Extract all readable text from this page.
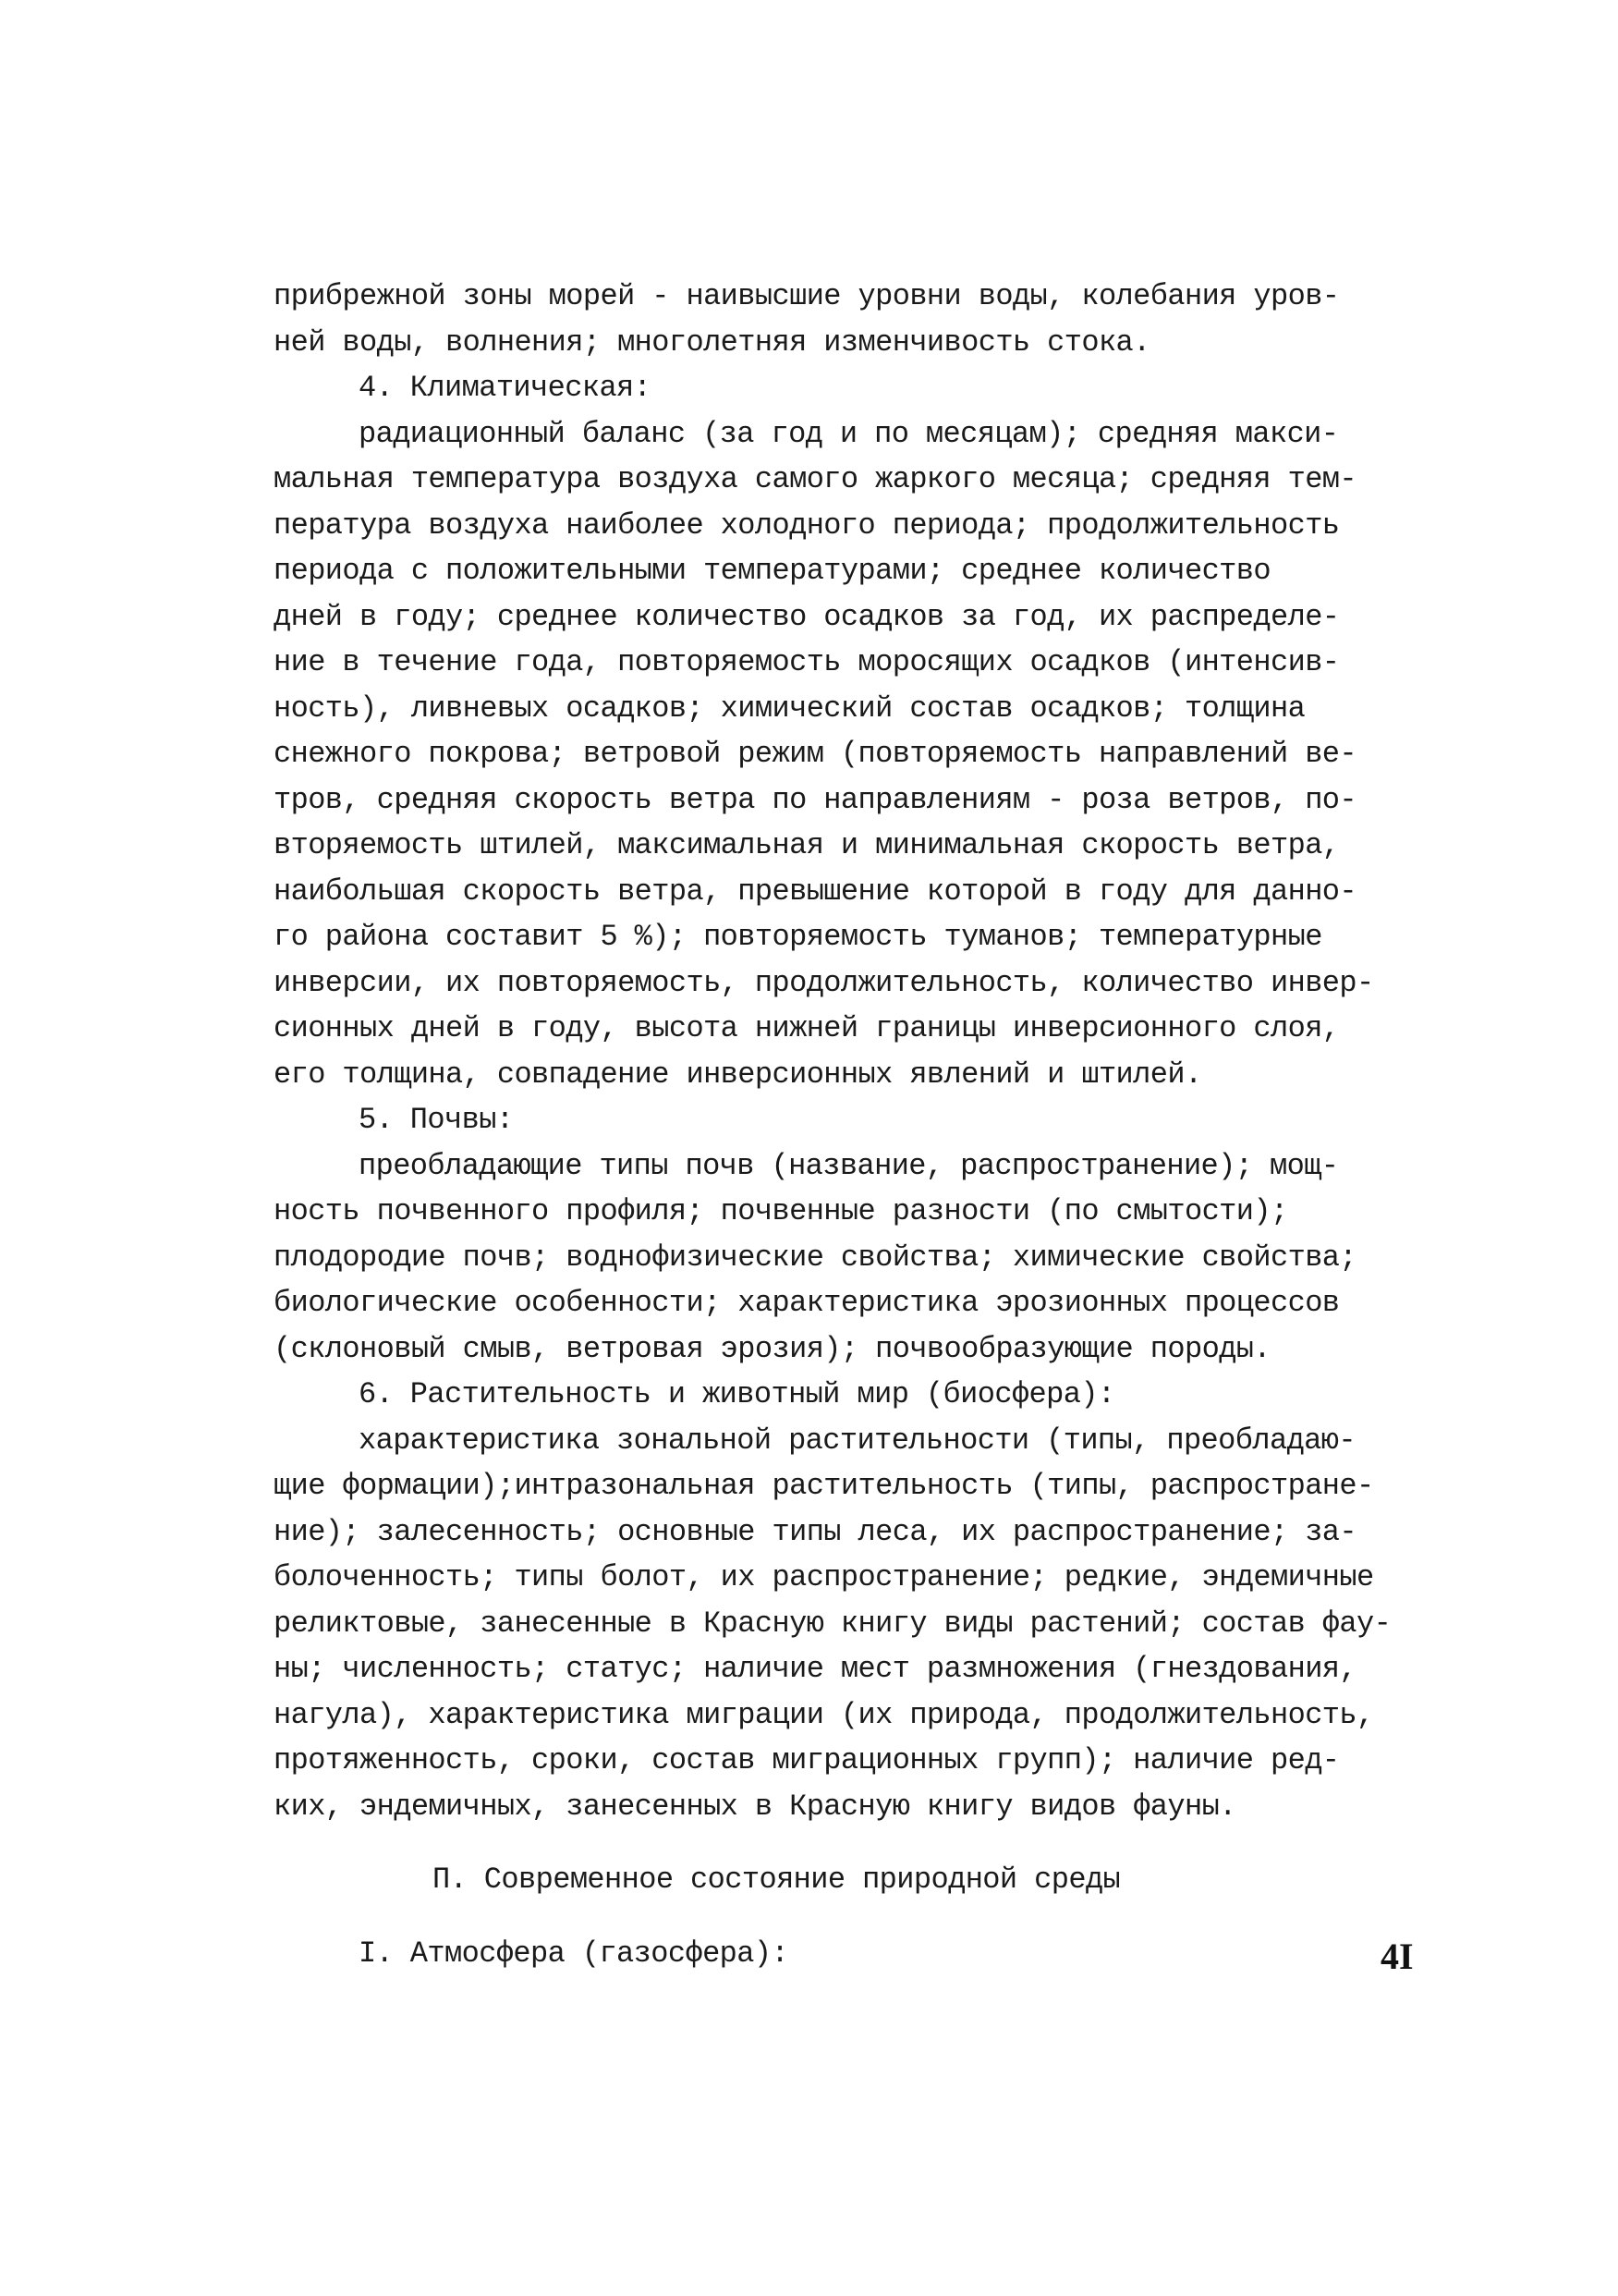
прибрежной зоны морей - наивысшие уровни воды, колебания уров-
ней воды, волнения; многолетняя изменчивость стока.
4. Климатическая:
радиационный баланс (за год и по месяцам); средняя макси-
мальная температура воздуха самого жаркого месяца; средняя тем-
пература воздуха наиболее холодного периода; продолжительность
периода с положительными температурами; среднее количество
дней в году; среднее количество осадков за год, их распределе-
ние в течение года, повторяемость моросящих осадков (интенсив-
ность), ливневых осадков; химический состав осадков; толщина
снежного покрова; ветровой режим (повторяемость направлений ве-
тров, средняя скорость ветра по направлениям - роза ветров, по-
вторяемость штилей, максимальная и минимальная скорость ветра,
наибольшая скорость ветра, превышение которой в году для данно-
го района составит 5 %); повторяемость туманов; температурные
инверсии, их повторяемость, продолжительность, количество инвер-
сионных дней в году, высота нижней границы инверсионного слоя,
его толщина, совпадение инверсионных явлений и штилей.
5. Почвы:
преобладающие типы почв (название, распространение); мощ-
ность почвенного профиля; почвенные разности (по смытости);
плодородие почв; воднофизические свойства; химические свойства;
биологические особенности; характеристика эрозионных процессов
(склоновый смыв, ветровая эрозия); почвообразующие породы.
6. Растительность и животный мир (биосфера):
характеристика зональной растительности (типы, преобладаю-
щие формации);интразональная растительность (типы, распростране-
ние); залесенность; основные типы леса, их распространение; за-
болоченность; типы болот, их распространение; редкие, эндемичные
реликтовые, занесенные в Красную книгу виды растений; состав фау-
ны; численность; статус; наличие мест размножения (гнездования,
нагула), характеристика миграции (их природа, продолжительность,
протяженность, сроки, состав миграционных групп); наличие ред-
ких, эндемичных, занесенных в Красную книгу видов фауны.
П. Современное состояние природной среды
I. Атмосфера (газосфера):	4I
